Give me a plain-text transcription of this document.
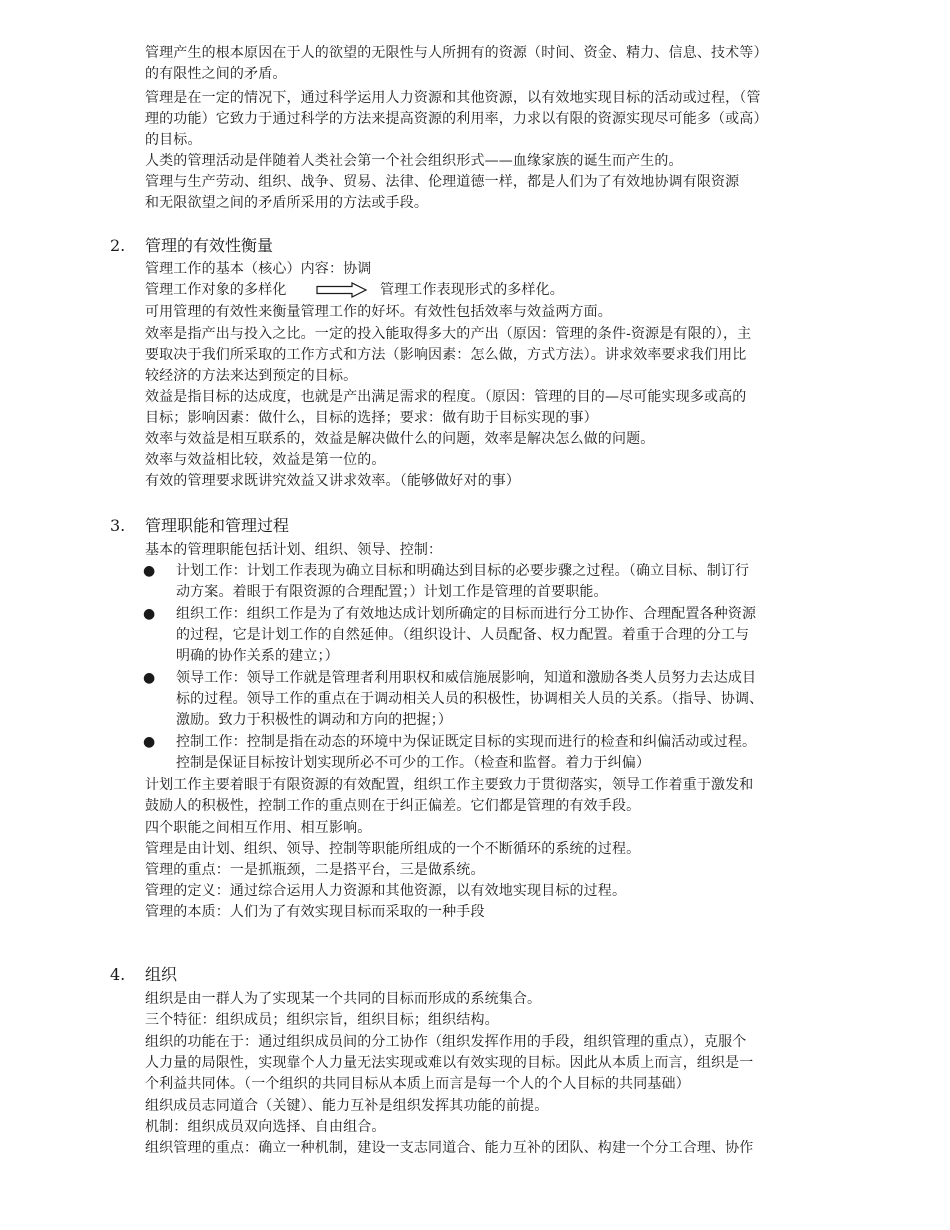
管理产生的根本原因在于人的欲望的无限性与人所拥有的资源（时间、资金、精力、信息、技术等）
的有限性之间的矛盾。
管理是在一定的情况下，通过科学运用人力资源和其他资源，以有效地实现目标的活动或过程，（管
理的功能）它致力于通过科学的方法来提高资源的利用率，力求以有限的资源实现尽可能多（或高）
的目标。
人类的管理活动是伴随着人类社会第一个社会组织形式——血缘家族的诞生而产生的。
管理与生产劳动、组织、战争、贸易、法律、伦理道德一样，都是人们为了有效地协调有限资源
和无限欲望之间的矛盾所采用的方法或手段。
2. 管理的有效性衡量
管理工作的基本（核心）内容：协调
管理工作对象的多样化	管理工作表现形式的多样化。
可用管理的有效性来衡量管理工作的好坏。有效性包括效率与效益两方面。
效率是指产出与投入之比。一定的投入能取得多大的产出（原因：管理的条件-资源是有限的），主
要取决于我们所采取的工作方式和方法（影响因素：怎么做，方式方法）。讲求效率要求我们用比
较经济的方法来达到预定的目标。
效益是指目标的达成度，也就是产出满足需求的程度。（原因：管理的目的—尽可能实现多或高的
目标；影响因素：做什么，目标的选择；要求：做有助于目标实现的事）
效率与效益是相互联系的，效益是解决做什么的问题，效率是解决怎么做的问题。
效率与效益相比较，效益是第一位的。
有效的管理要求既讲究效益又讲求效率。（能够做好对的事）
3. 管理职能和管理过程
基本的管理职能包括计划、组织、领导、控制：
● 计划工作：计划工作表现为确立目标和明确达到目标的必要步骤之过程。（确立目标、制订行
动方案。着眼于有限资源的合理配置；）计划工作是管理的首要职能。
● 组织工作：组织工作是为了有效地达成计划所确定的目标而进行分工协作、合理配置各种资源
的过程，它是计划工作的自然延伸。（组织设计、人员配备、权力配置。着重于合理的分工与
明确的协作关系的建立；）
● 领导工作：领导工作就是管理者利用职权和威信施展影响，知道和激励各类人员努力去达成目
标的过程。领导工作的重点在于调动相关人员的积极性，协调相关人员的关系。（指导、协调、
激励。致力于积极性的调动和方向的把握；）
● 控制工作：控制是指在动态的环境中为保证既定目标的实现而进行的检查和纠偏活动或过程。
控制是保证目标按计划实现所必不可少的工作。（检查和监督。着力于纠偏）
计划工作主要着眼于有限资源的有效配置，组织工作主要致力于贯彻落实，领导工作着重于激发和
鼓励人的积极性，控制工作的重点则在于纠正偏差。它们都是管理的有效手段。
四个职能之间相互作用、相互影响。
管理是由计划、组织、领导、控制等职能所组成的一个不断循环的系统的过程。
管理的重点：一是抓瓶颈，二是搭平台，三是做系统。
管理的定义：通过综合运用人力资源和其他资源，以有效地实现目标的过程。
管理的本质：人们为了有效实现目标而采取的一种手段
4. 组织
组织是由一群人为了实现某一个共同的目标而形成的系统集合。
三个特征：组织成员；组织宗旨，组织目标；组织结构。
组织的功能在于：通过组织成员间的分工协作（组织发挥作用的手段，组织管理的重点），克服个
人力量的局限性，实现靠个人力量无法实现或难以有效实现的目标。因此从本质上而言，组织是一
个利益共同体。（一个组织的共同目标从本质上而言是每一个人的个人目标的共同基础）
组织成员志同道合（关键）、能力互补是组织发挥其功能的前提。
机制：组织成员双向选择、自由组合。
组织管理的重点：确立一种机制，建设一支志同道合、能力互补的团队、构建一个分工合理、协作
